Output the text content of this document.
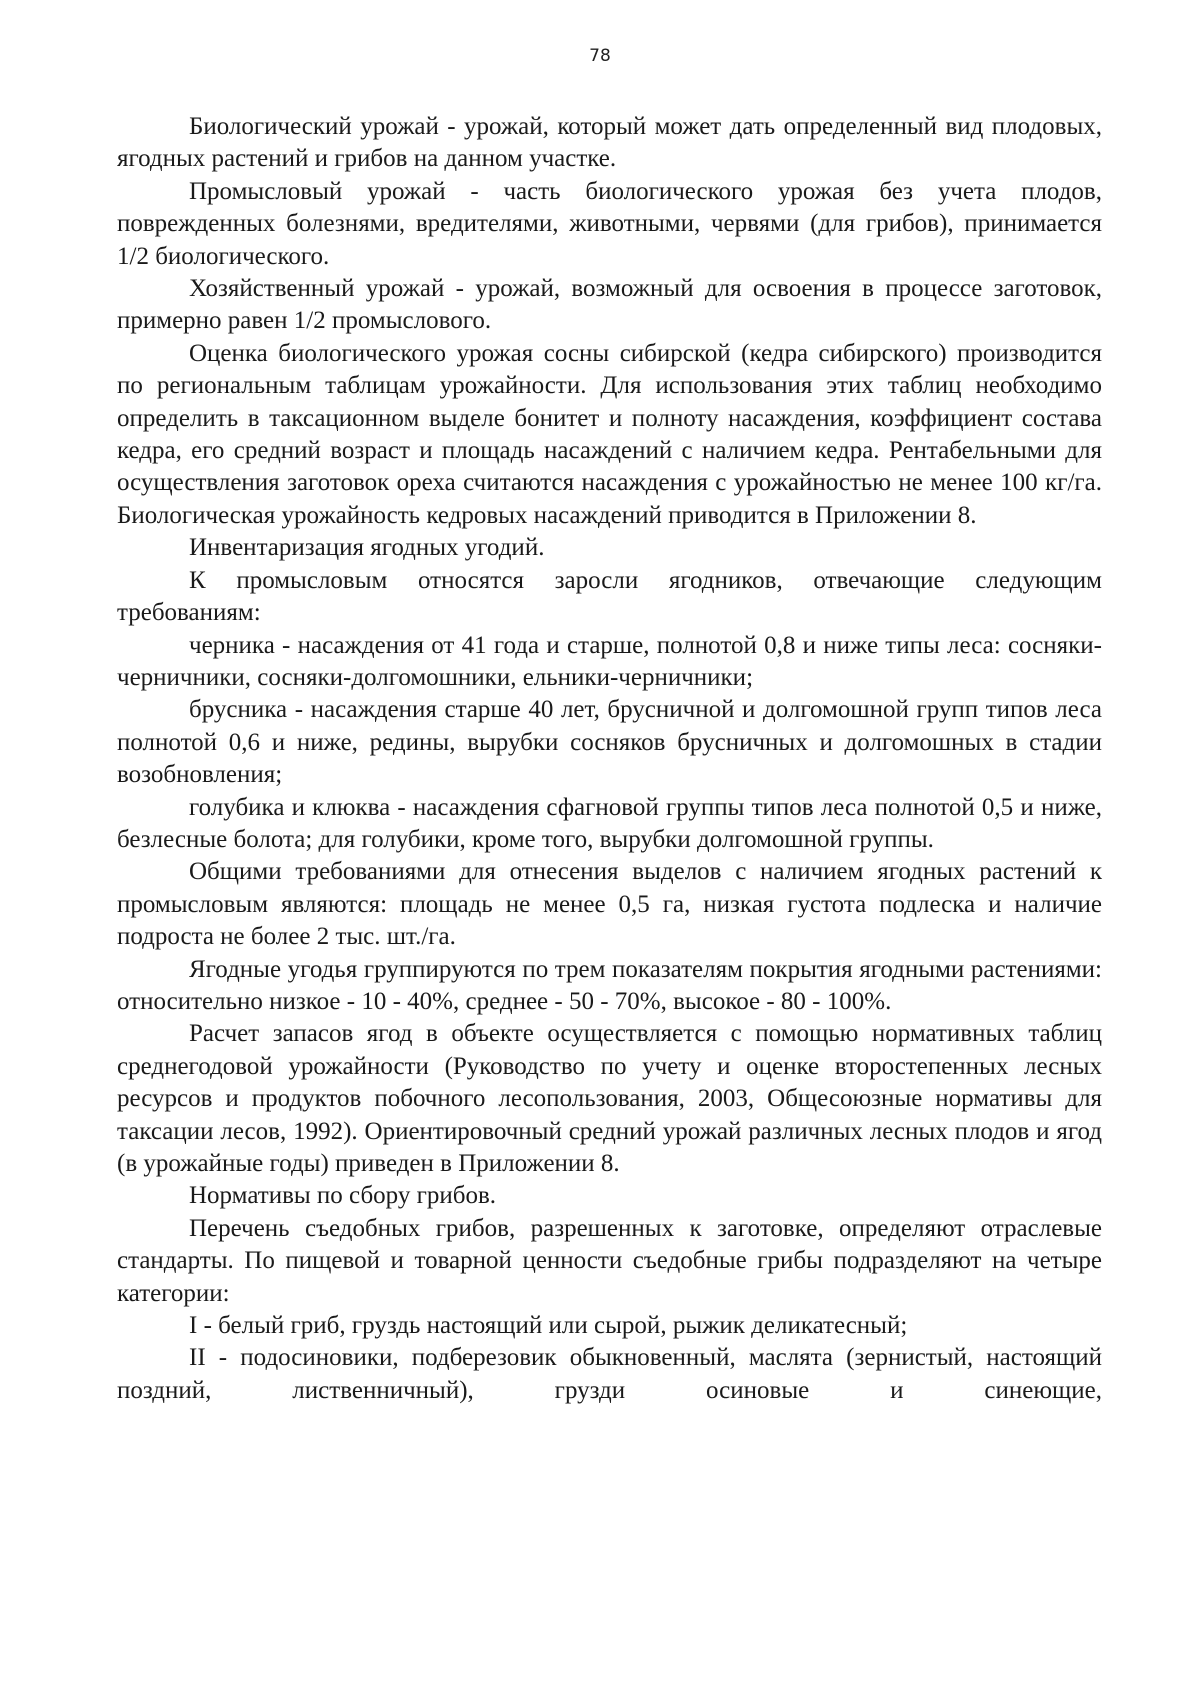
78

Биологический урожай - урожай, который может дать определенный вид плодовых, ягодных растений и грибов на данном участке.

Промысловый урожай - часть биологического урожая без учета плодов, поврежденных болезнями, вредителями, животными, червями (для грибов), принимается 1/2 биологического.

Хозяйственный урожай - урожай, возможный для освоения в процессе заготовок, примерно равен 1/2 промыслового.

Оценка биологического урожая сосны сибирской (кедра сибирского) производится по региональным таблицам урожайности. Для использования этих таблиц необходимо определить в таксационном выделе бонитет и полноту насаждения, коэффициент состава кедра, его средний возраст и площадь насаждений с наличием кедра. Рентабельными для осуществления заготовок ореха считаются насаждения с урожайностью не менее 100 кг/га. Биологическая урожайность кедровых насаждений приводится в Приложении 8.

Инвентаризация ягодных угодий.

К промысловым относятся заросли ягодников, отвечающие следующим требованиям:

черника - насаждения от 41 года и старше, полнотой 0,8 и ниже типы леса: сосняки-черничники, сосняки-долгомошники, ельники-черничники;

брусника - насаждения старше 40 лет, брусничной и долгомошной групп типов леса полнотой 0,6 и ниже, редины, вырубки сосняков брусничных и долгомошных в стадии возобновления;

голубика и клюква - насаждения сфагновой группы типов леса полнотой 0,5 и ниже, безлесные болота; для голубики, кроме того, вырубки долгомошной группы.

Общими требованиями для отнесения выделов с наличием ягодных растений к промысловым являются: площадь не менее 0,5 га, низкая густота подлеска и наличие подроста не более 2 тыс. шт./га.

Ягодные угодья группируются по трем показателям покрытия ягодными растениями: относительно низкое - 10 - 40%, среднее - 50 - 70%, высокое - 80 - 100%.

Расчет запасов ягод в объекте осуществляется с помощью нормативных таблиц среднегодовой урожайности (Руководство по учету и оценке второстепенных лесных ресурсов и продуктов побочного лесопользования, 2003, Общесоюзные нормативы для таксации лесов, 1992). Ориентировочный средний урожай различных лесных плодов и ягод (в урожайные годы) приведен в Приложении 8.

Нормативы по сбору грибов.

Перечень съедобных грибов, разрешенных к заготовке, определяют отраслевые стандарты. По пищевой и товарной ценности съедобные грибы подразделяют на четыре категории:

I - белый гриб, груздь настоящий или сырой, рыжик деликатесный;

II - подосиновики, подберезовик обыкновенный, маслята (зернистый, настоящий поздний, лиственничный), грузди осиновые и синеющие,
